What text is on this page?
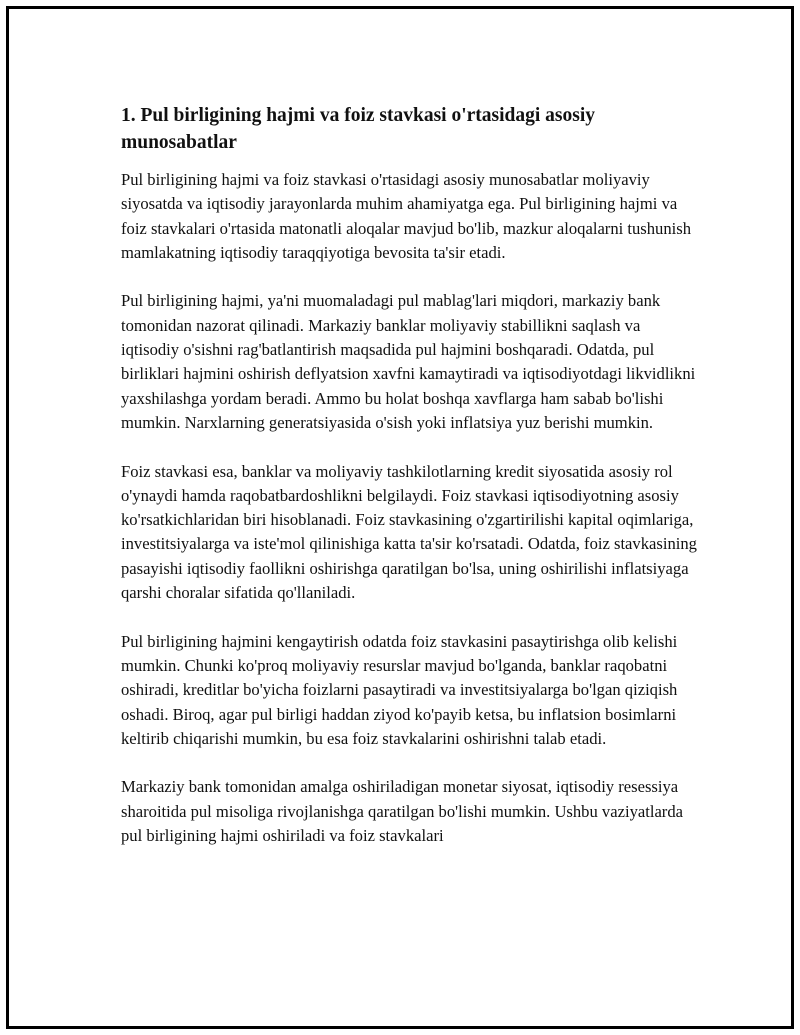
1. Pul birligining hajmi va foiz stavkasi o'rtasidagi asosiy munosabatlar

Pul birligining hajmi va foiz stavkasi o'rtasidagi asosiy munosabatlar moliyaviy siyosatda va iqtisodiy jarayonlarda muhim ahamiyatga ega. Pul birligining hajmi va foiz stavkalari o'rtasida matonatli aloqalar mavjud bo'lib, mazkur aloqalarni tushunish mamlakatning iqtisodiy taraqqiyotiga bevosita ta'sir etadi.

Pul birligining hajmi, ya'ni muomaladagi pul mablag'lari miqdori, markaziy bank tomonidan nazorat qilinadi. Markaziy banklar moliyaviy stabillikni saqlash va iqtisodiy o'sishni rag'batlantirish maqsadida pul hajmini boshqaradi. Odatda, pul birliklari hajmini oshirish deflyatsion xavfni kamaytiradi va iqtisodiyotdagi likvidlikni yaxshilashga yordam beradi. Ammo bu holat boshqa xavflarga ham sabab bo'lishi mumkin. Narxlarning generatsiyasida o'sish yoki inflatsiya yuz berishi mumkin.

Foiz stavkasi esa, banklar va moliyaviy tashkilotlarning kredit siyosatida asosiy rol o'ynaydi hamda raqobatbardoshlikni belgilaydi. Foiz stavkasi iqtisodiyotning asosiy ko'rsatkichlaridan biri hisoblanadi. Foiz stavkasining o'zgartirilishi kapital oqimlariga, investitsiyalarga va iste'mol qilinishiga katta ta'sir ko'rsatadi. Odatda, foiz stavkasining pasayishi iqtisodiy faollikni oshirishga qaratilgan bo'lsa, uning oshirilishi inflatsiyaga qarshi choralar sifatida qo'llaniladi.

Pul birligining hajmini kengaytirish odatda foiz stavkasini pasaytirishga olib kelishi mumkin. Chunki ko'proq moliyaviy resurslar mavjud bo'lganda, banklar raqobatni oshiradi, kreditlar bo'yicha foizlarni pasaytiradi va investitsiyalarga bo'lgan qiziqish oshadi. Biroq, agar pul birligi haddan ziyod ko'payib ketsa, bu inflatsion bosimlarni keltirib chiqarishi mumkin, bu esa foiz stavkalarini oshirishni talab etadi.

Markaziy bank tomonidan amalga oshiriladigan monetar siyosat, iqtisodiy resessiya sharoitida pul misoliga rivojlanishga qaratilgan bo'lishi mumkin. Ushbu vaziyatlarda pul birligining hajmi oshiriladi va foiz stavkalari
